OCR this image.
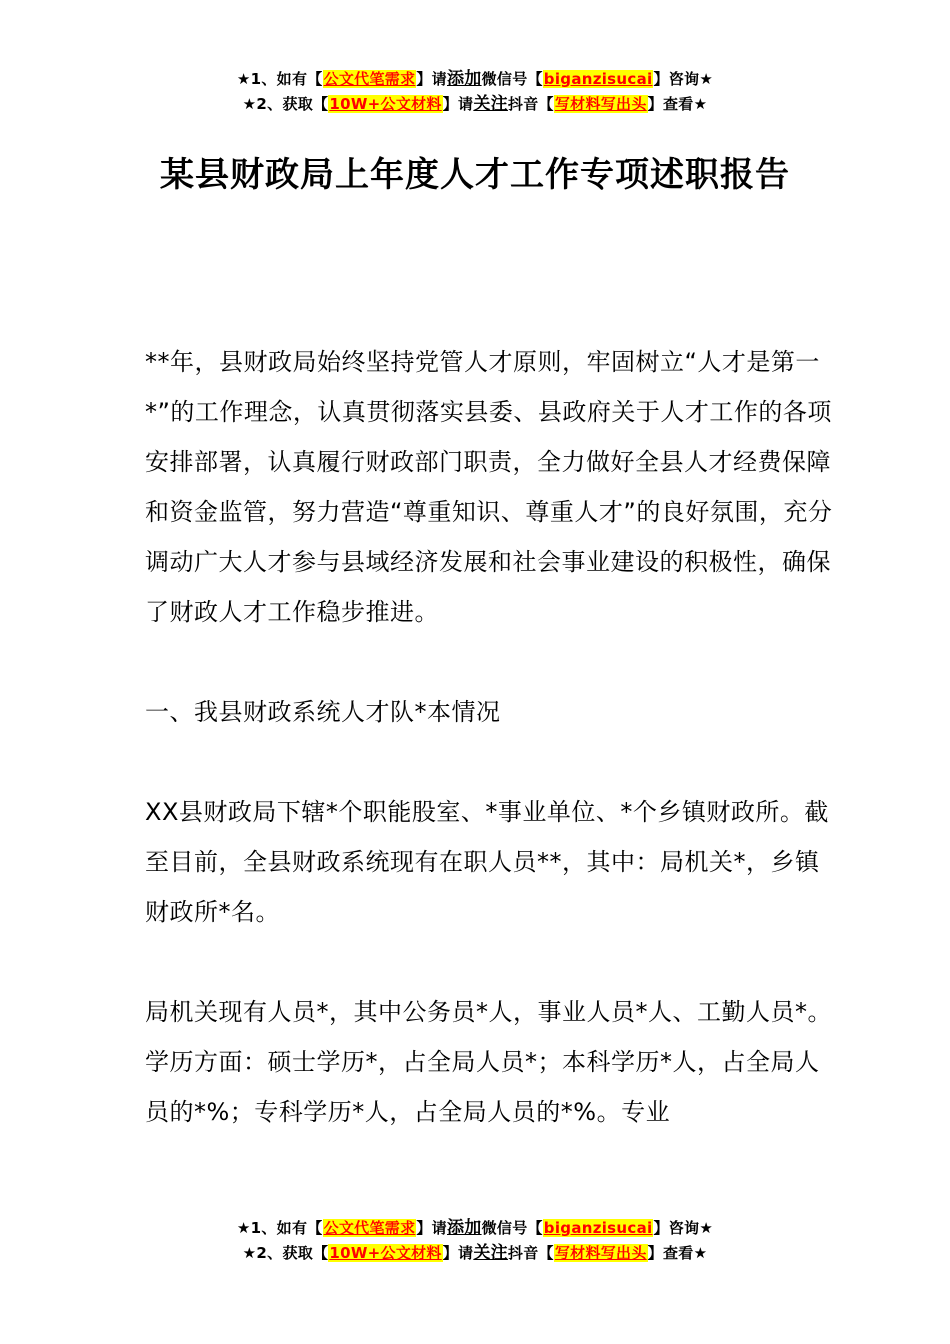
★1、如有【公文代笔需求】请添加微信号【biganzisucai】咨询★
★2、获取【10W+公文材料】请关注抖音【写材料写出头】查看★
某县财政局上年度人才工作专项述职报告

**年，县财政局始终坚持党管人才原则，牢固树立“人才是第一*”的工作理念，认真贯彻落实县委、县政府关于人才工作的各项安排部署，认真履行财政部门职责，全力做好全县人才经费保障和资金监管，努力营造“尊重知识、尊重人才”的良好氛围，充分调动广大人才参与县域经济发展和社会事业建设的积极性，确保了财政人才工作稳步推进。

一、我县财政系统人才队*本情况

XX县财政局下辖*个职能股室、*事业单位、*个乡镇财政所。截至目前，全县财政系统现有在职人员**，其中：局机关*，乡镇财政所*名。

局机关现有人员*，其中公务员*人，事业人员*人、工勤人员*。学历方面：硕士学历*，占全局人员*；本科学历*人，占全局人员的*%；专科学历*人，占全局人员的*%。专业

★1、如有【公文代笔需求】请添加微信号【biganzisucai】咨询★
★2、获取【10W+公文材料】请关注抖音【写材料写出头】查看★
